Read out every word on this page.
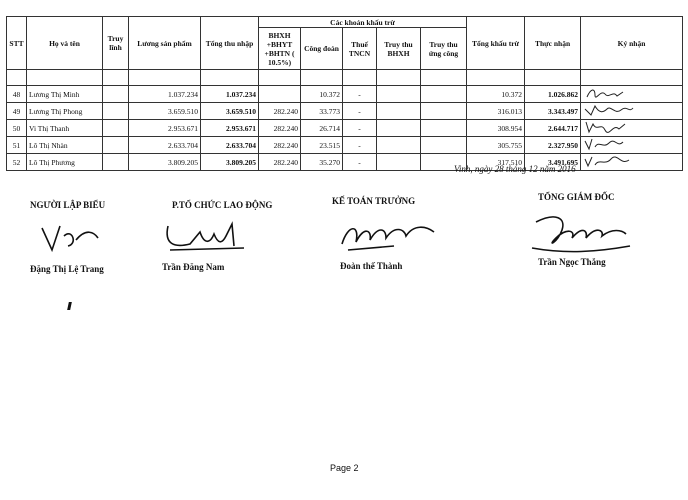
STT	Họ và tên	Truy lĩnh	Lương sản phẩm	Tổng thu nhập	Các khoản khấu trừ					Tổng khấu trừ	Thực nhận	Ký nhận
					BHXH +BHYT +BHTN ( 10.5%)	Công đoàn	Thuế TNCN	Truy thu BHXH	Truy thu ứng công			

48	Lương Thị Minh		1.037.234	1.037.234		10.372	-			10.372	1.026.862	
49	Lương Thị Phong		3.659.510	3.659.510	282.240	33.773	-			316.013	3.343.497	
50	Vi Thị Thanh		2.953.671	2.953.671	282.240	26.714	-			308.954	2.644.717	
51	Lô Thị Nhàn		2.633.704	2.633.704	282.240	23.515	-			305.755	2.327.950	
52	Lô Thị Phương		3.809.205	3.809.205	282.240	35.270	-			317.510	3.491.695	
Vinh, ngày 28 tháng 12 năm 2016
NGƯỜI LẬP BIỂU
Đặng Thị Lệ Trang
P.TỔ CHỨC LAO ĐỘNG
Trần Đăng Nam
KẾ TOÁN TRƯỞNG
Đoàn thế Thành
TỔNG GIÁM ĐỐC
Trần Ngọc Thắng
Page 2
